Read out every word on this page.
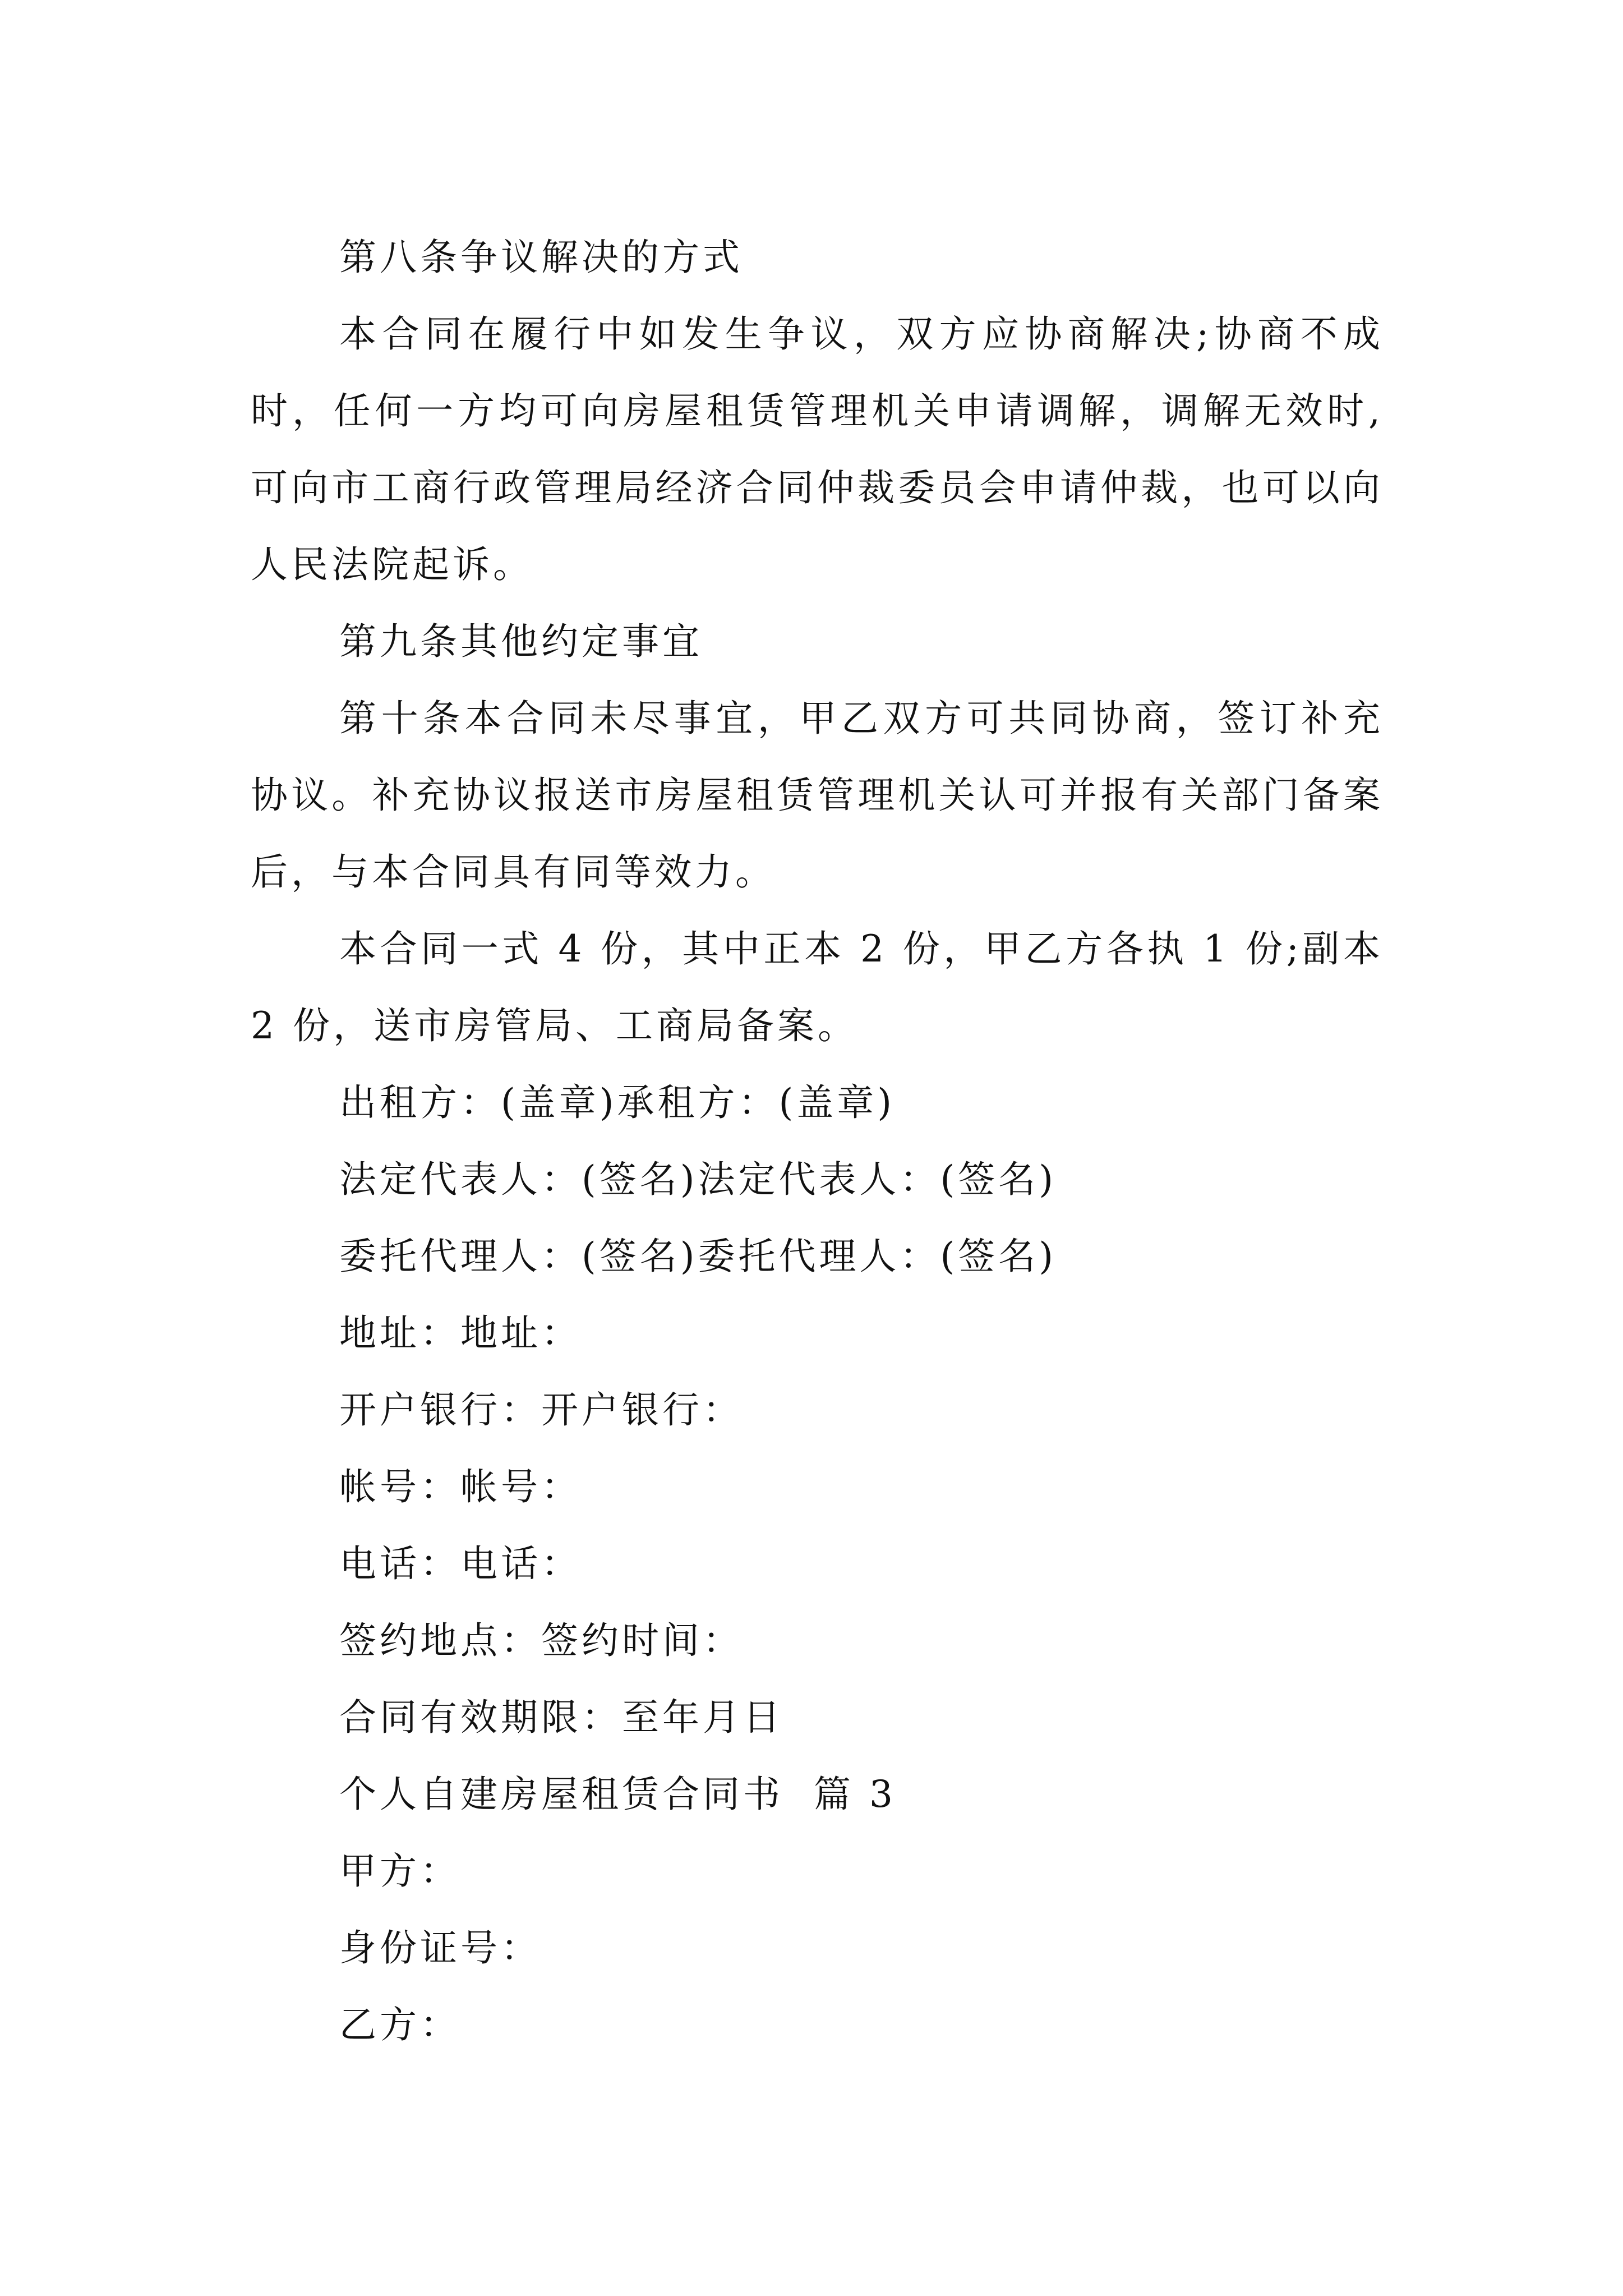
第八条争议解决的方式

本合同在履行中如发生争议，双方应协商解决;协商不成时，任何一方均可向房屋租赁管理机关申请调解，调解无效时,可向市工商行政管理局经济合同仲裁委员会申请仲裁，也可以向人民法院起诉。

第九条其他约定事宜

第十条本合同未尽事宜，甲乙双方可共同协商，签订补充协议。补充协议报送市房屋租赁管理机关认可并报有关部门备案后，与本合同具有同等效力。

本合同一式 4 份，其中正本 2 份，甲乙方各执 1 份;副本 2 份，送市房管局、工商局备案。

出租方：(盖章)承租方：(盖章)
法定代表人：(签名)法定代表人：(签名)
委托代理人：(签名)委托代理人：(签名)
地址：地址：
开户银行：开户银行：
帐号：帐号：
电话：电话：
签约地点：签约时间：
合同有效期限：至年月日
个人自建房屋租赁合同书  篇 3
甲方：
身份证号：
乙方：
